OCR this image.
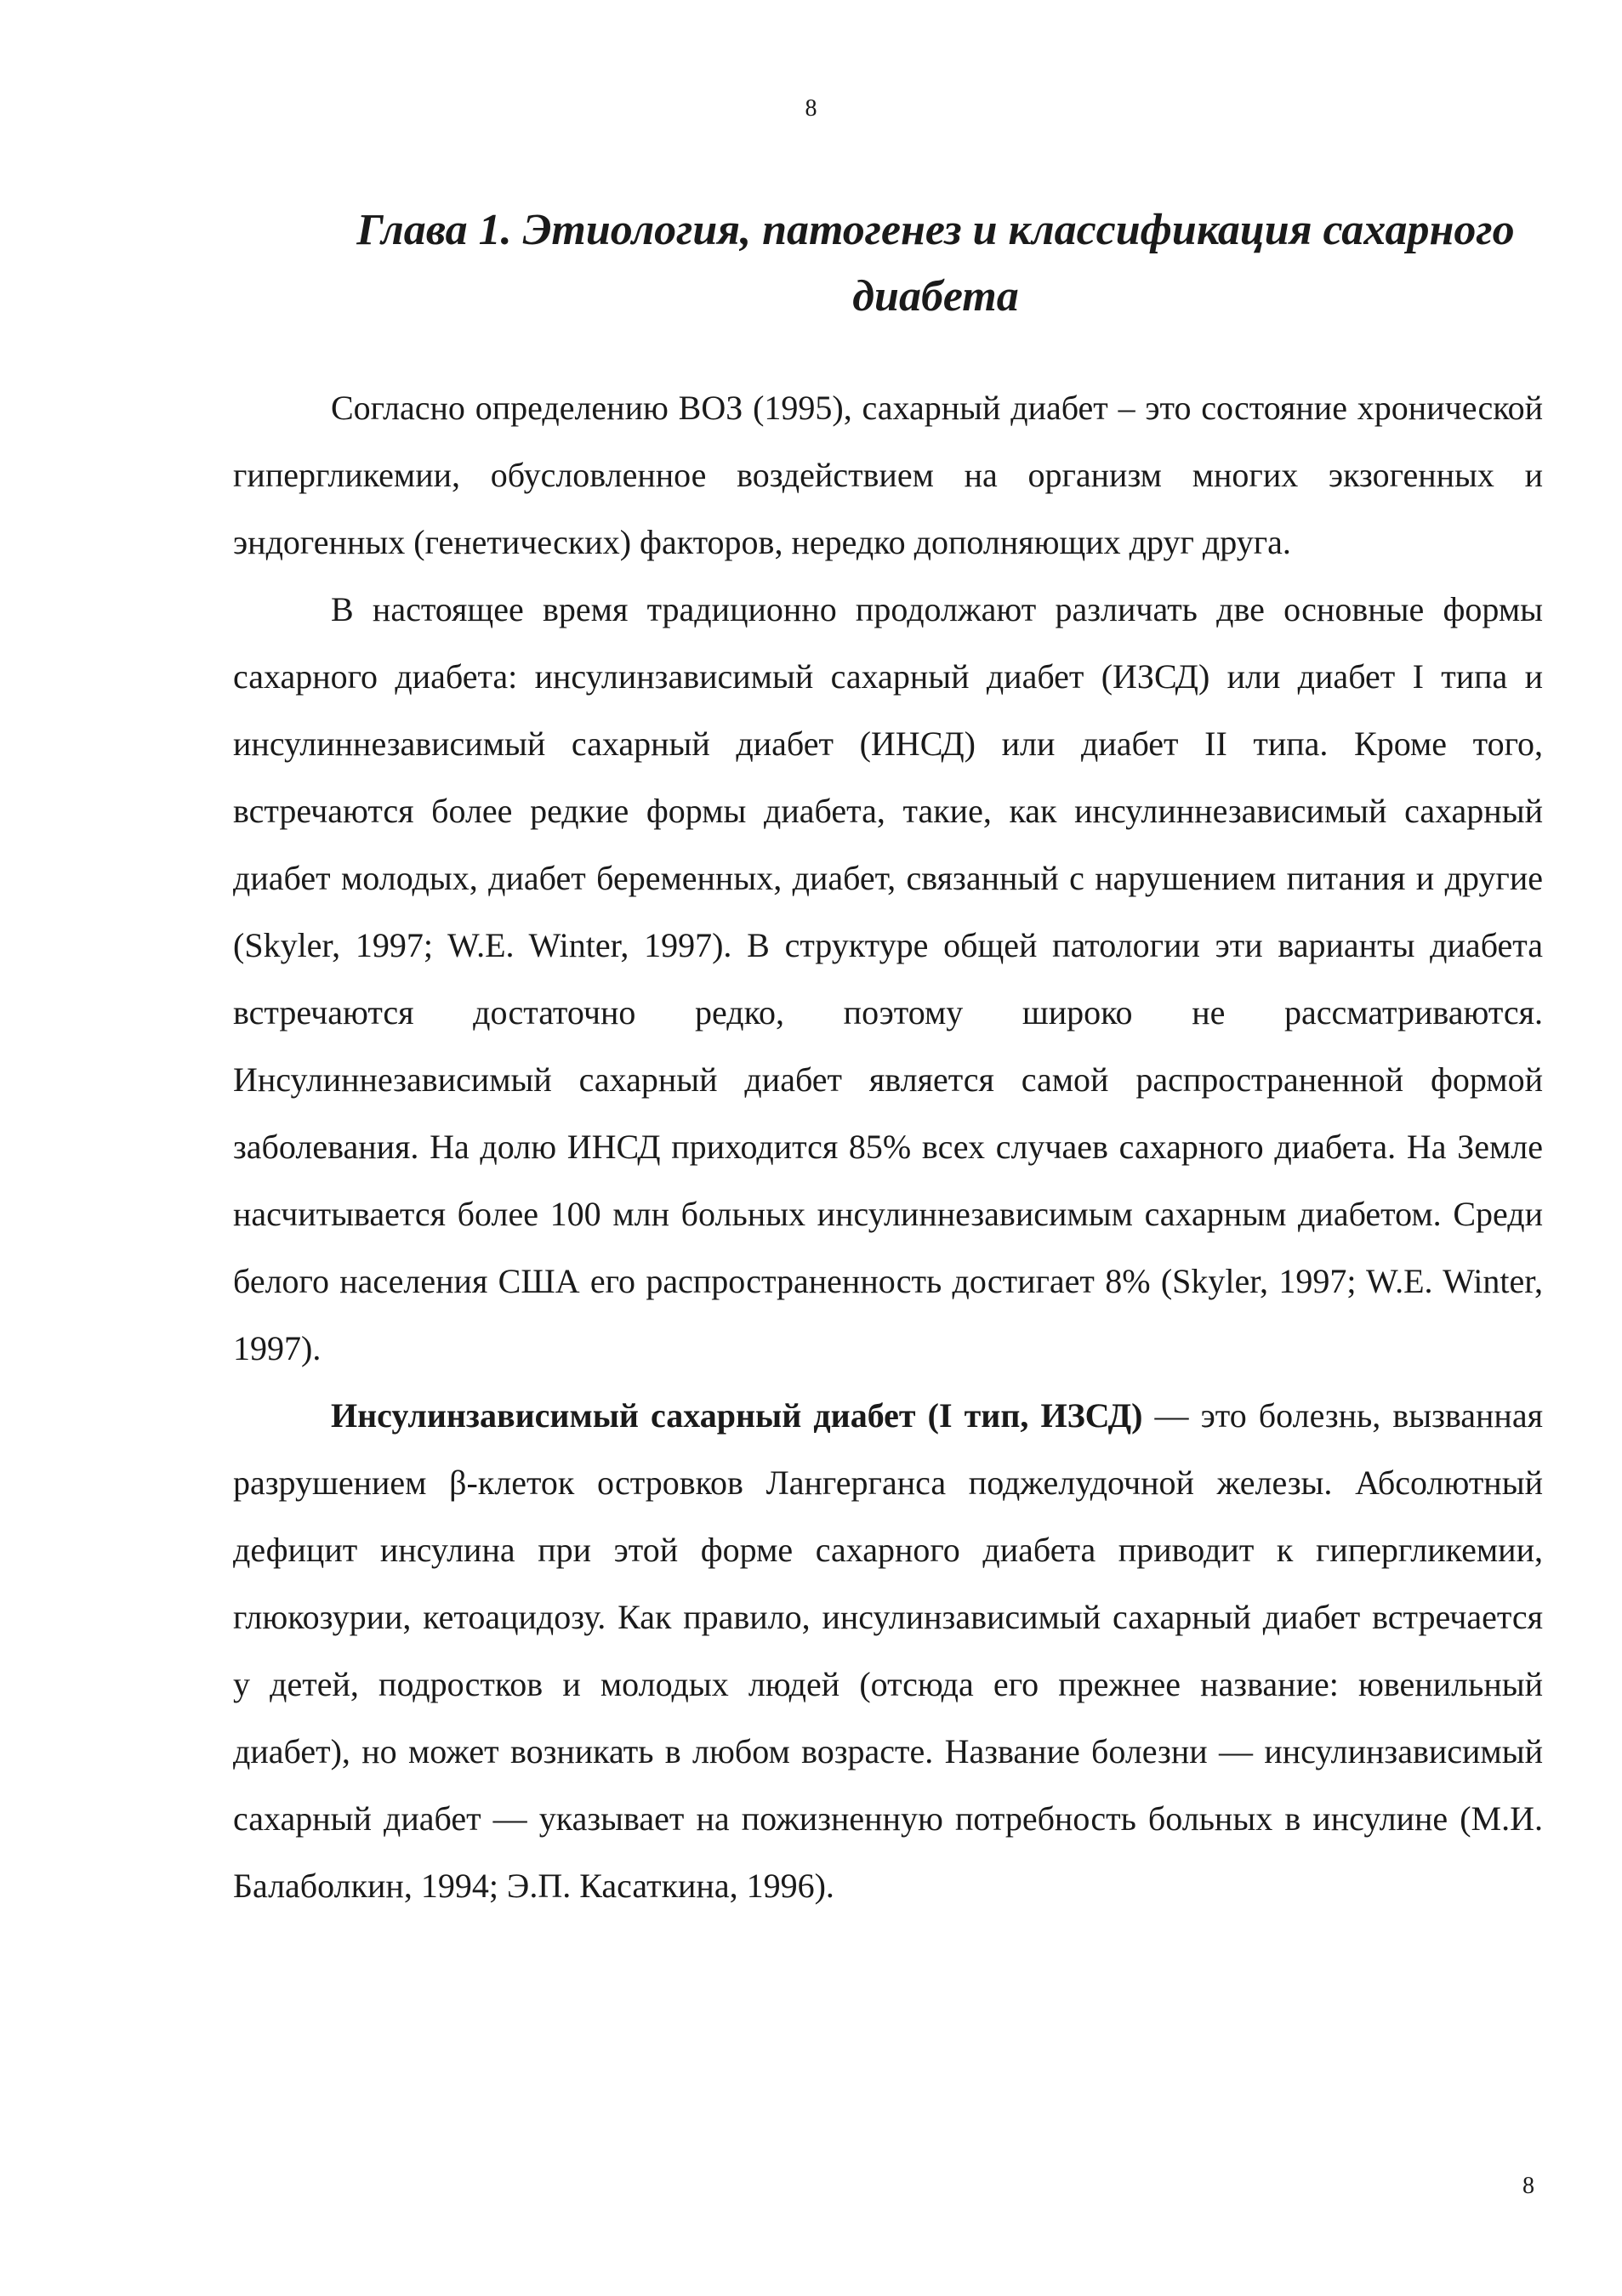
8
Глава 1. Этиология, патогенез и классификация сахарного диабета

Согласно определению ВОЗ (1995), сахарный диабет – это состояние хронической гипергликемии, обусловленное воздействием на организм многих экзогенных и эндогенных (генетических) факторов, нередко дополняющих друг друга.

В настоящее время традиционно продолжают различать две основные формы сахарного диабета: инсулинзависимый сахарный диабет (ИЗСД) или диабет I типа и инсулиннезависимый сахарный диабет (ИНСД) или диабет II типа. Кроме того, встречаются более редкие формы диабета, такие, как инсулиннезависимый сахарный диабет молодых, диабет беременных, диабет, связанный с нарушением питания и другие (Skyler, 1997; W.E. Winter, 1997). В структуре общей патологии эти варианты диабета встречаются достаточно редко, поэтому широко не рассматриваются. Инсулиннезависимый сахарный диабет является самой распространенной формой заболевания. На долю ИНСД приходится 85% всех случаев сахарного диабета. На Земле насчитывается более 100 млн больных инсулиннезависимым сахарным диабетом. Среди белого населения США его распространенность достигает 8% (Skyler, 1997; W.E. Winter, 1997).

Инсулинзависимый сахарный диабет (I тип, ИЗСД) — это болезнь, вызванная разрушением β-клеток островков Лангерганса поджелудочной железы. Абсолютный дефицит инсулина при этой форме сахарного диабета приводит к гипергликемии, глюкозурии, кетоацидозу. Как правило, инсулинзависимый сахарный диабет встречается у детей, подростков и молодых людей (отсюда его прежнее название: ювенильный диабет), но может возникать в любом возрасте. Название болезни — инсулинзависимый сахарный диабет — указывает на пожизненную потребность больных в инсулине (М.И. Балаболкин, 1994; Э.П. Касаткина, 1996).

8
